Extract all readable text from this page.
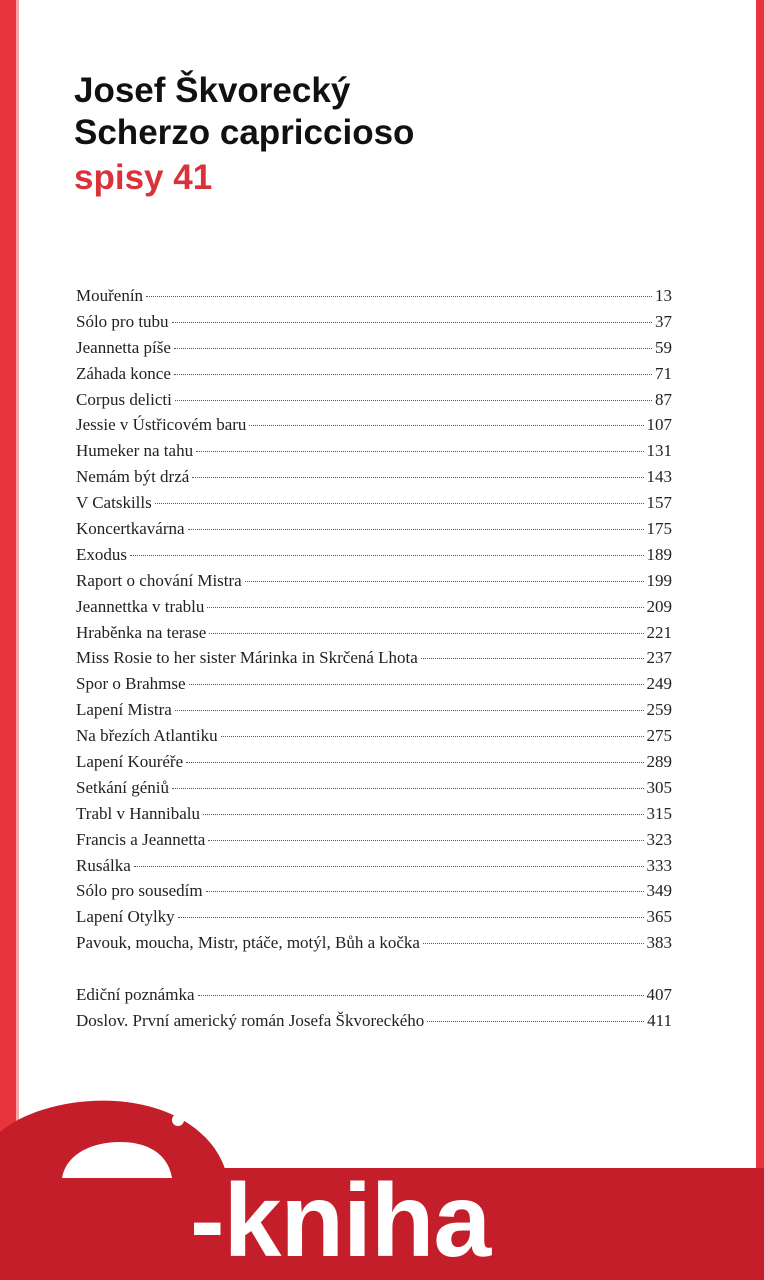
Josef Škvorecký
Scherzo capriccioso
spisy 41
Mouřenín	13
Sólo pro tubu	37
Jeannetta píše	59
Záhada konce	71
Corpus delicti	87
Jessie v Ústřicovém baru	107
Humeker na tahu	131
Nemám být drzá	143
V Catskills	157
Koncertkavárna	175
Exodus	189
Raport o chování Mistra	199
Jeannettka v trablu	209
Hraběnka na terase	221
Miss Rosie to her sister Márinka in Skrčená Lhota	237
Spor o Brahmse	249
Lapení Mistra	259
Na březích Atlantiku	275
Lapení Kouréře	289
Setkání géniů	305
Trabl v Hannibalu	315
Francis a Jeannetta	323
Rusálka	333
Sólo pro sousedím	349
Lapení Otylky	365
Pavouk, moucha, Mistr, ptáče, motýl, Bůh a kočka	383
Ediční poznámka	407
Doslov. První americký román Josefa Škvoreckého	411
-kniha
